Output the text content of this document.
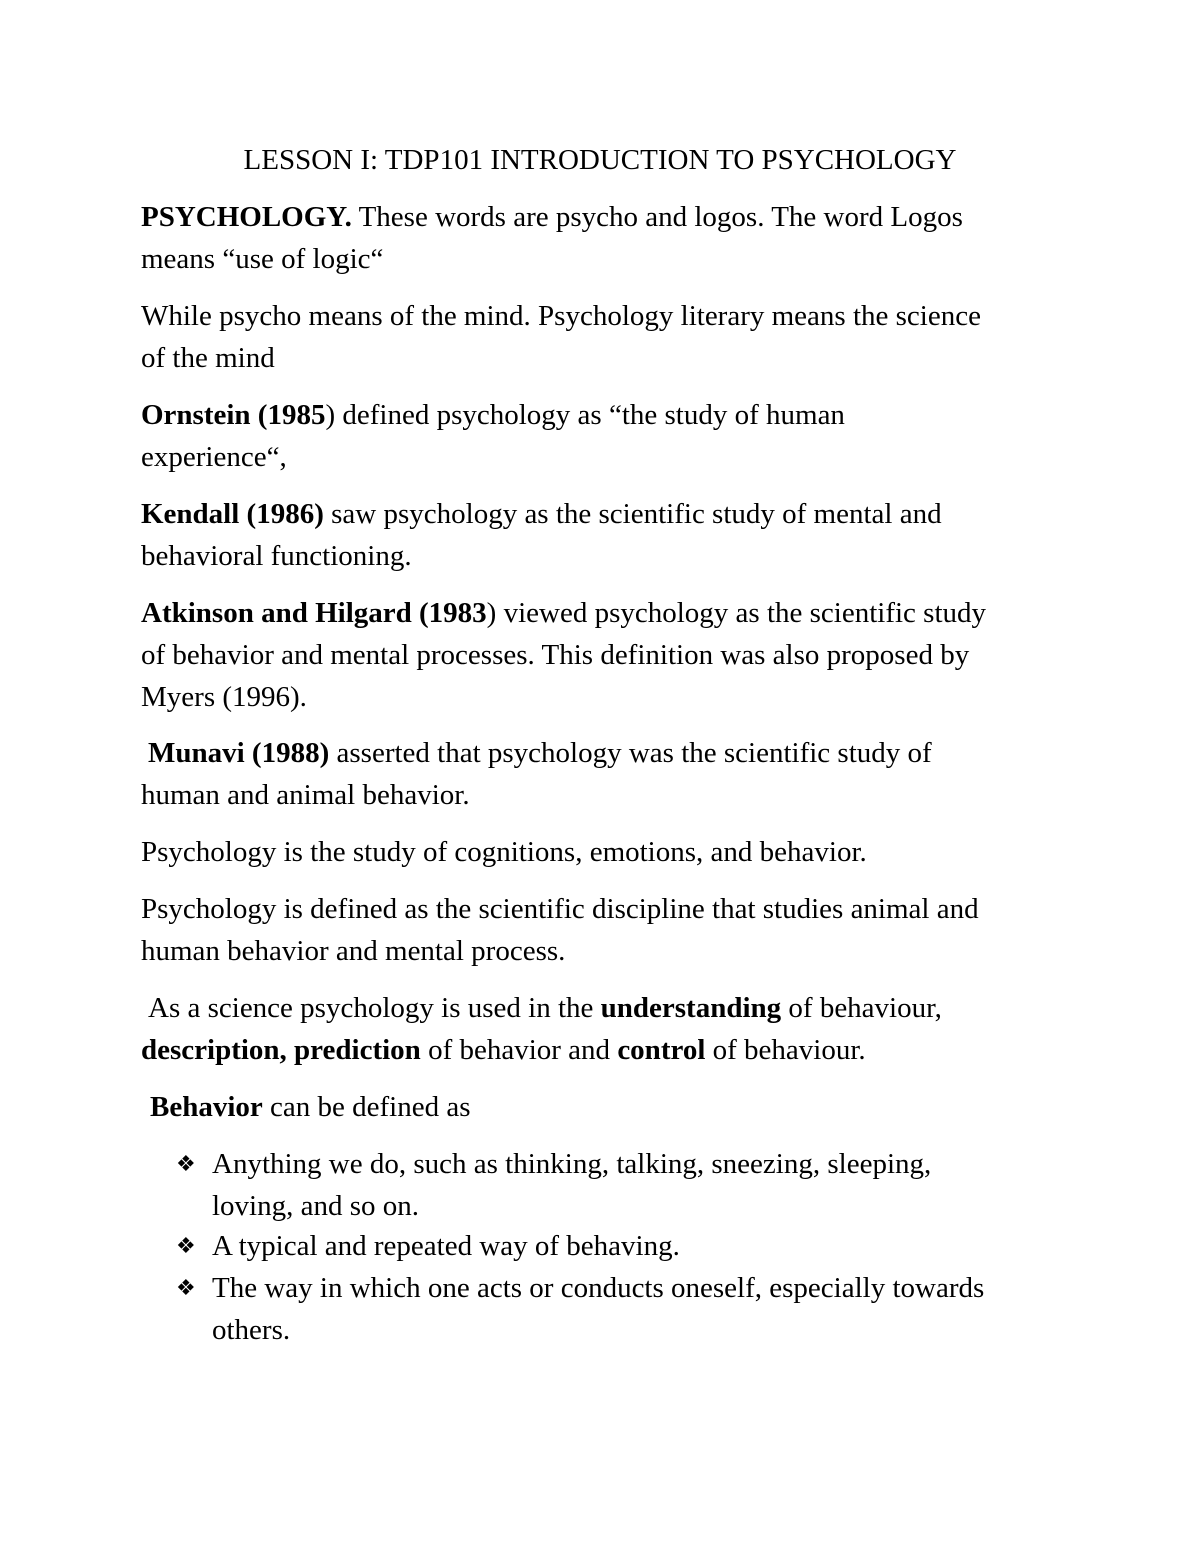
LESSON I: TDP101 INTRODUCTION TO PSYCHOLOGY

PSYCHOLOGY. These words are psycho and logos. The word Logos

means “use of logic“

While psycho means of the mind. Psychology literary means the science

of the mind

Ornstein (1985) defined psychology as “the study of human

experience“,

Kendall (1986) saw psychology as the scientific study of mental and

behavioral functioning.

Atkinson and Hilgard (1983) viewed psychology as the scientific study

of behavior and mental processes. This definition was also proposed by

Myers (1996).

Munavi (1988) asserted that psychology was the scientific study of

human and animal behavior.

Psychology is the study of cognitions, emotions, and behavior.

Psychology is defined as the scientific discipline that studies animal and

human behavior and mental process.

As a science psychology is used in the understanding of behaviour,

description, prediction of behavior and control of behaviour.

Behavior can be defined as

❖ Anything we do, such as thinking, talking, sneezing, sleeping,

loving, and so on.

❖ A typical and repeated way of behaving.

❖ The way in which one acts or conducts oneself, especially towards

others.
